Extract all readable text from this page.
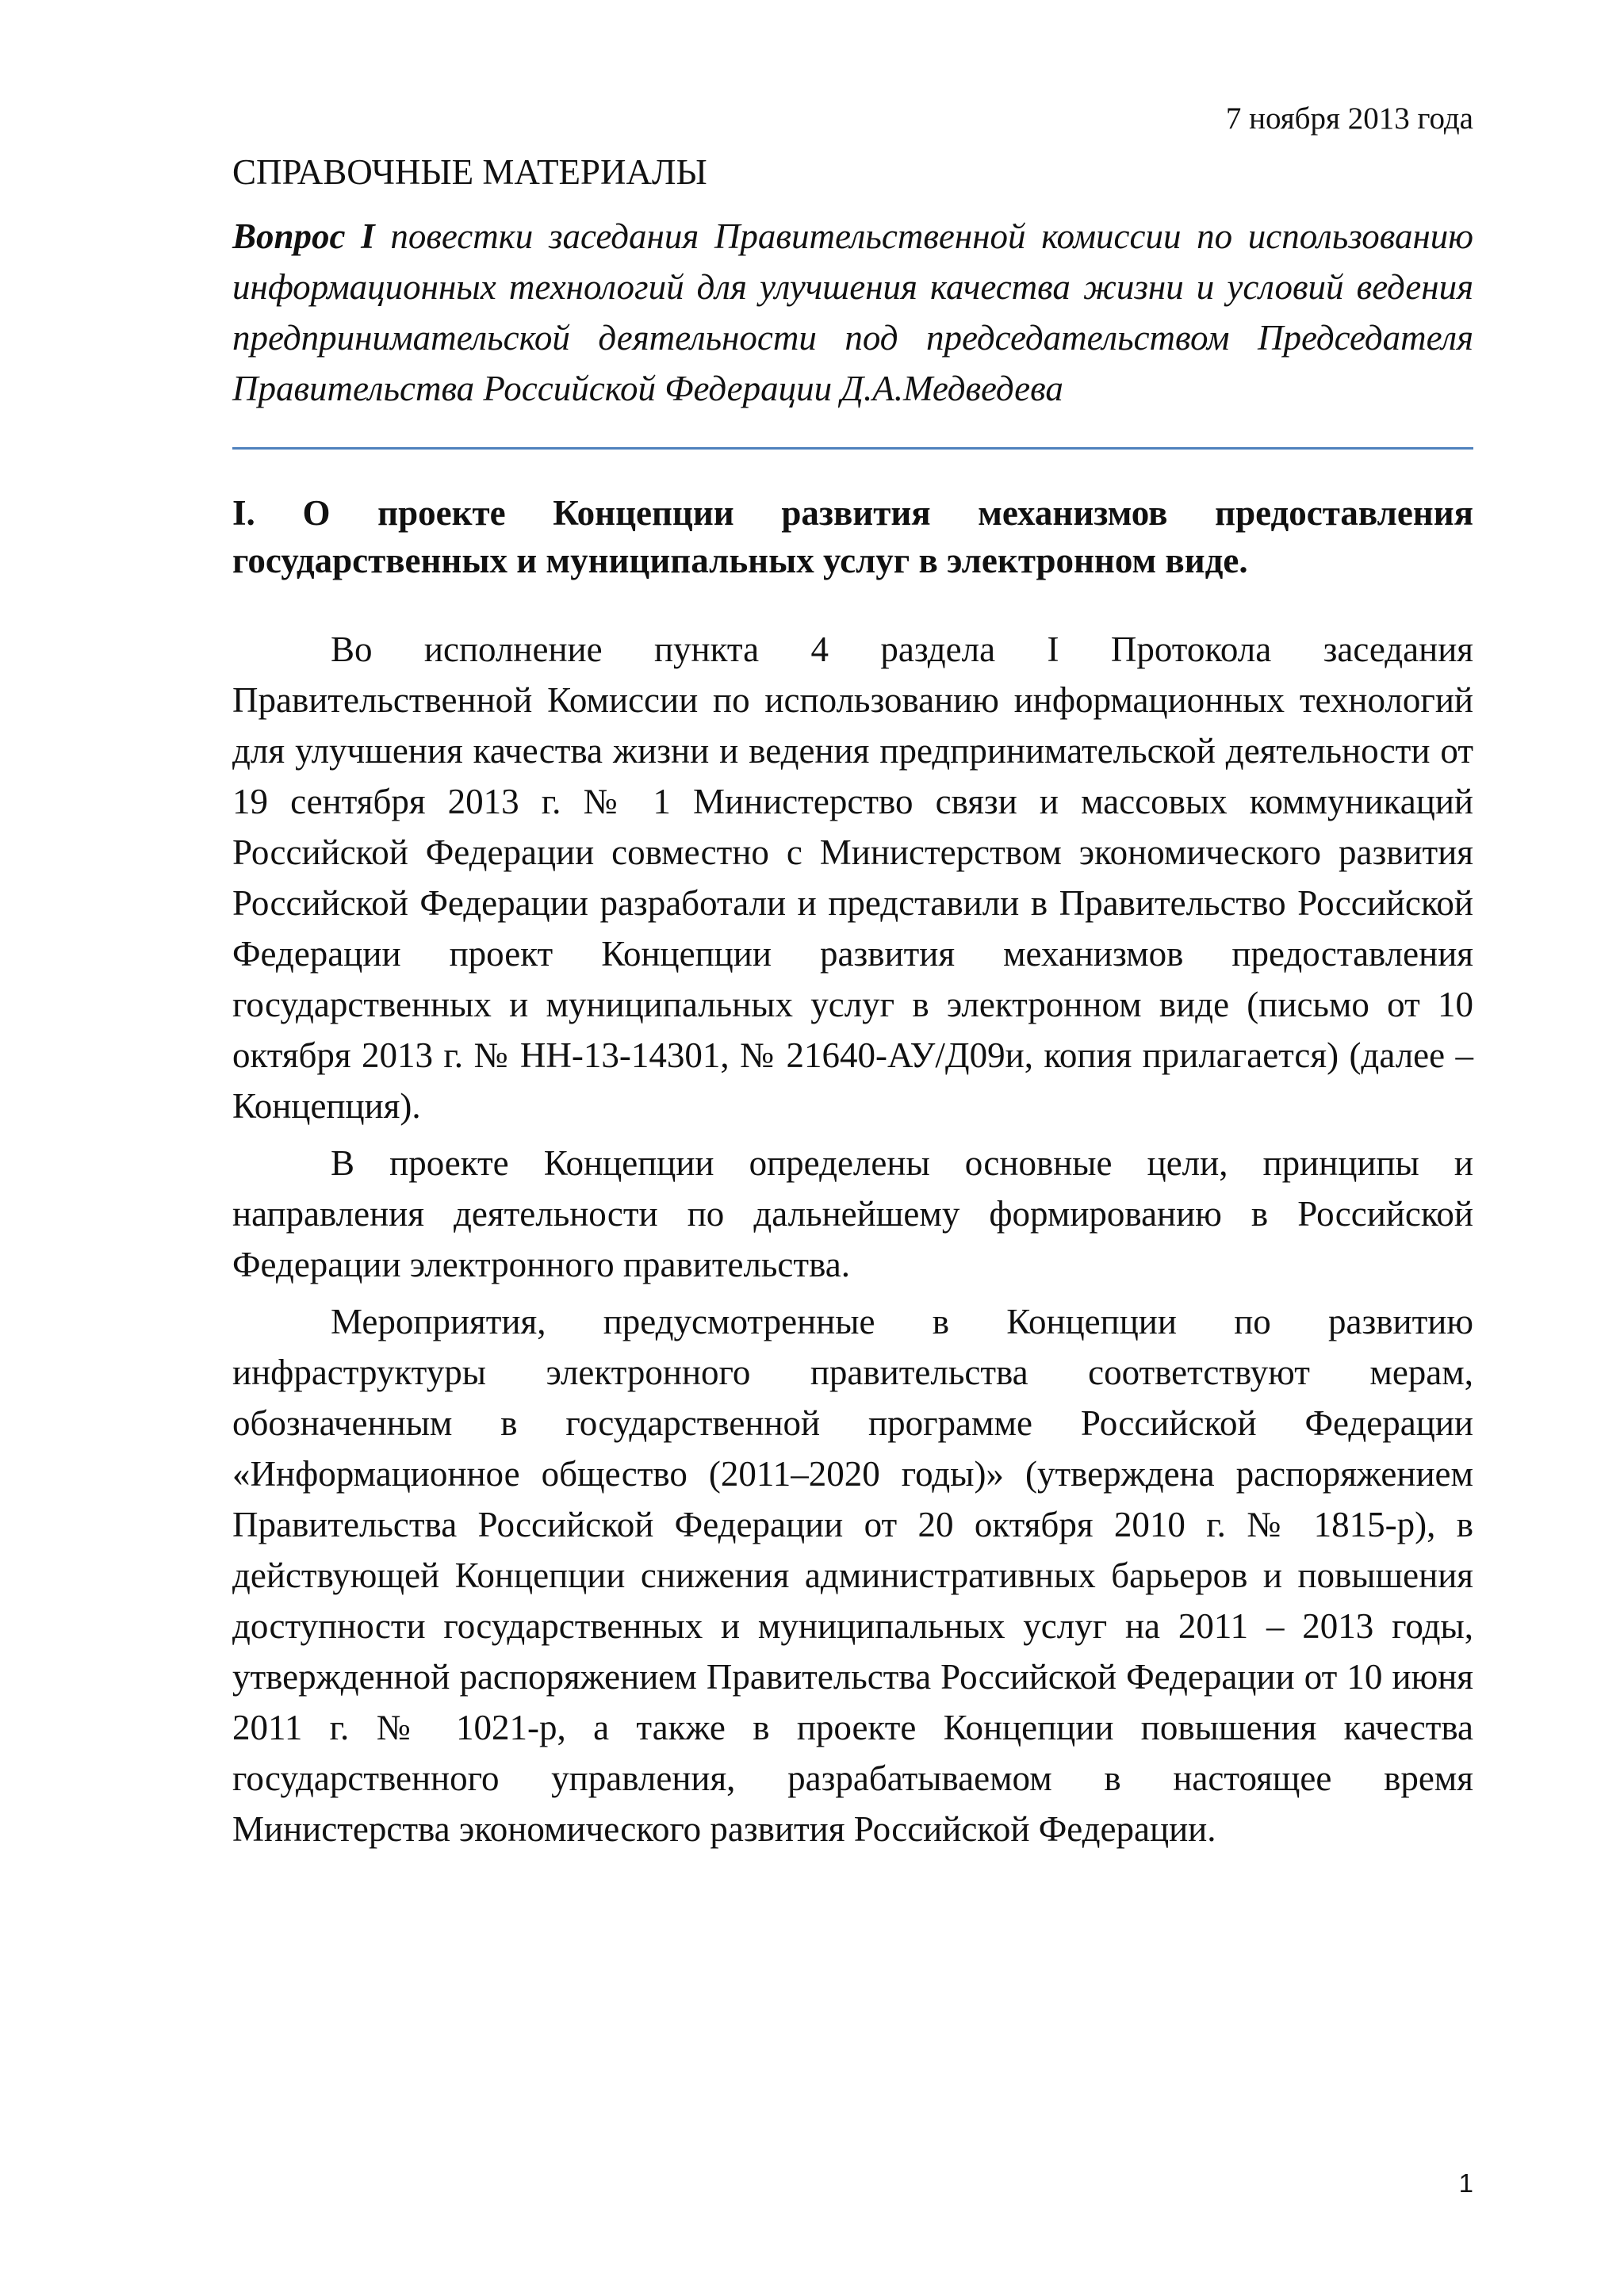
7 ноября 2013 года

СПРАВОЧНЫЕ МАТЕРИАЛЫ

Вопрос I повестки заседания Правительственной комиссии по использованию информационных технологий для улучшения качества жизни и условий ведения предпринимательской деятельности под председательством Председателя Правительства Российской Федерации Д.А.Медведева

I. О проекте Концепции развития механизмов предоставления государственных и муниципальных услуг в электронном виде.

Во исполнение пункта 4 раздела I Протокола заседания Правительственной Комиссии по использованию информационных технологий для улучшения качества жизни и ведения предпринимательской деятельности от 19 сентября 2013 г. № 1 Министерство связи и массовых коммуникаций Российской Федерации совместно с Министерством экономического развития Российской Федерации разработали и представили в Правительство Российской Федерации проект Концепции развития механизмов предоставления государственных и муниципальных услуг в электронном виде (письмо от 10 октября 2013 г. № НН-13-14301, № 21640-АУ/Д09и, копия прилагается) (далее – Концепция).

В проекте Концепции определены основные цели, принципы и направления деятельности по дальнейшему формированию в Российской Федерации электронного правительства.

Мероприятия, предусмотренные в Концепции по развитию инфраструктуры электронного правительства соответствуют мерам, обозначенным в государственной программе Российской Федерации «Информационное общество (2011–2020 годы)» (утверждена распоряжением Правительства Российской Федерации от 20 октября 2010 г. № 1815-р), в действующей Концепции снижения административных барьеров и повышения доступности государственных и муниципальных услуг на 2011 – 2013 годы, утвержденной распоряжением Правительства Российской Федерации от 10 июня 2011 г. № 1021-р, а также в проекте Концепции повышения качества государственного управления, разрабатываемом в настоящее время Министерства экономического развития Российской Федерации.

1
